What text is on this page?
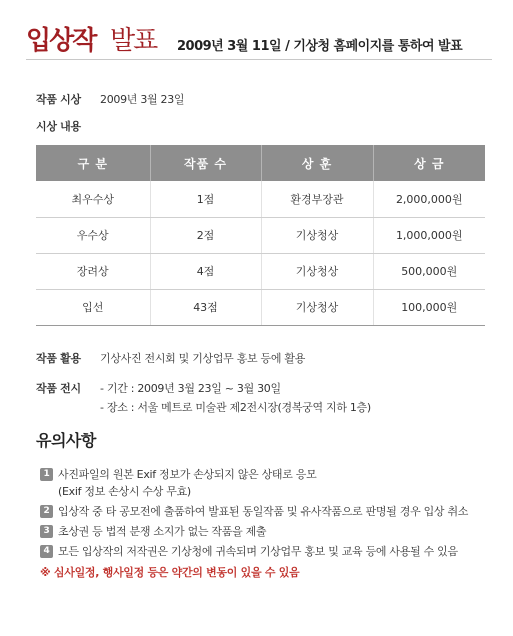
입상작 발표 2009년 3월 11일 / 기상청 홈페이지를 통하여 발표
작품 시상 2009년 3월 23일
시상 내용
구 분	작품 수	상 훈	상 금
최우수상	1점	환경부장관	2,000,000원
우수상	2점	기상청상	1,000,000원
장려상	4점	기상청상	500,000원
입선	43점	기상청상	100,000원
작품 활용 기상사진 전시회 및 기상업무 홍보 등에 활용
작품 전시 - 기간 : 2009년 3월 23일 ~ 3월 30일
- 장소 : 서울 메트로 미술관 제2전시장(경복궁역 지하 1층)
유의사항
1 사진파일의 원본 Exif 정보가 손상되지 않은 상태로 응모
(Exif 정보 손상시 수상 무효)
2 입상작 중 타 공모전에 출품하여 발표된 동일작품 및 유사작품으로 판명될 경우 입상 취소
3 초상권 등 법적 분쟁 소지가 없는 작품을 제출
4 모든 입상작의 저작권은 기상청에 귀속되며 기상업무 홍보 및 교육 등에 사용될 수 있음
※ 심사일정, 행사일정 등은 약간의 변동이 있을 수 있음
